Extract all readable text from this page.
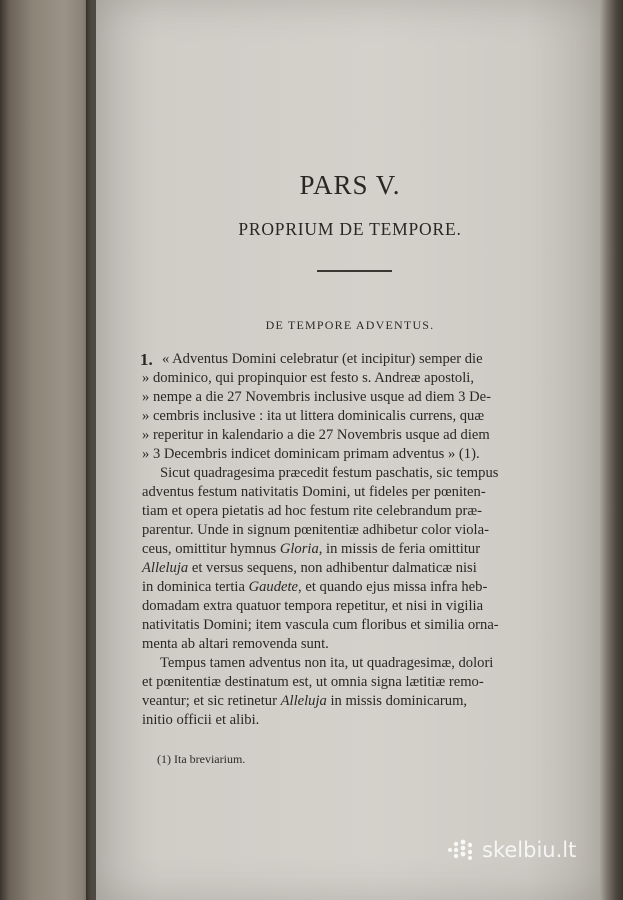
PARS V.
PROPRIUM DE TEMPORE.
DE TEMPORE ADVENTUS.
1. « Adventus Domini celebratur (et incipitur) semper die
» dominico, qui propinquior est festo s. Andreæ apostoli,
» nempe a die 27 Novembris inclusive usque ad diem 3 De-
» cembris inclusive : ita ut littera dominicalis currens, quæ
» reperitur in kalendario a die 27 Novembris usque ad diem
» 3 Decembris indicet dominicam primam adventus » (1).
Sicut quadragesima præcedit festum paschatis, sic tempus
adventus festum nativitatis Domini, ut fideles per pœniten-
tiam et opera pietatis ad hoc festum rite celebrandum præ-
parentur. Unde in signum pœnitentiæ adhibetur color viola-
ceus, omittitur hymnus Gloria, in missis de feria omittitur
Alleluja et versus sequens, non adhibentur dalmaticæ nisi
in dominica tertia Gaudete, et quando ejus missa infra heb-
domadam extra quatuor tempora repetitur, et nisi in vigilia
nativitatis Domini; item vascula cum floribus et similia orna-
menta ab altari removenda sunt.
Tempus tamen adventus non ita, ut quadragesimæ, dolori
et pœnitentiæ destinatum est, ut omnia signa lætitiæ remo-
veantur; et sic retinetur Alleluja in missis dominicarum,
initio officii et alibi.
(1) Ita breviarium.
skelbiu.lt
